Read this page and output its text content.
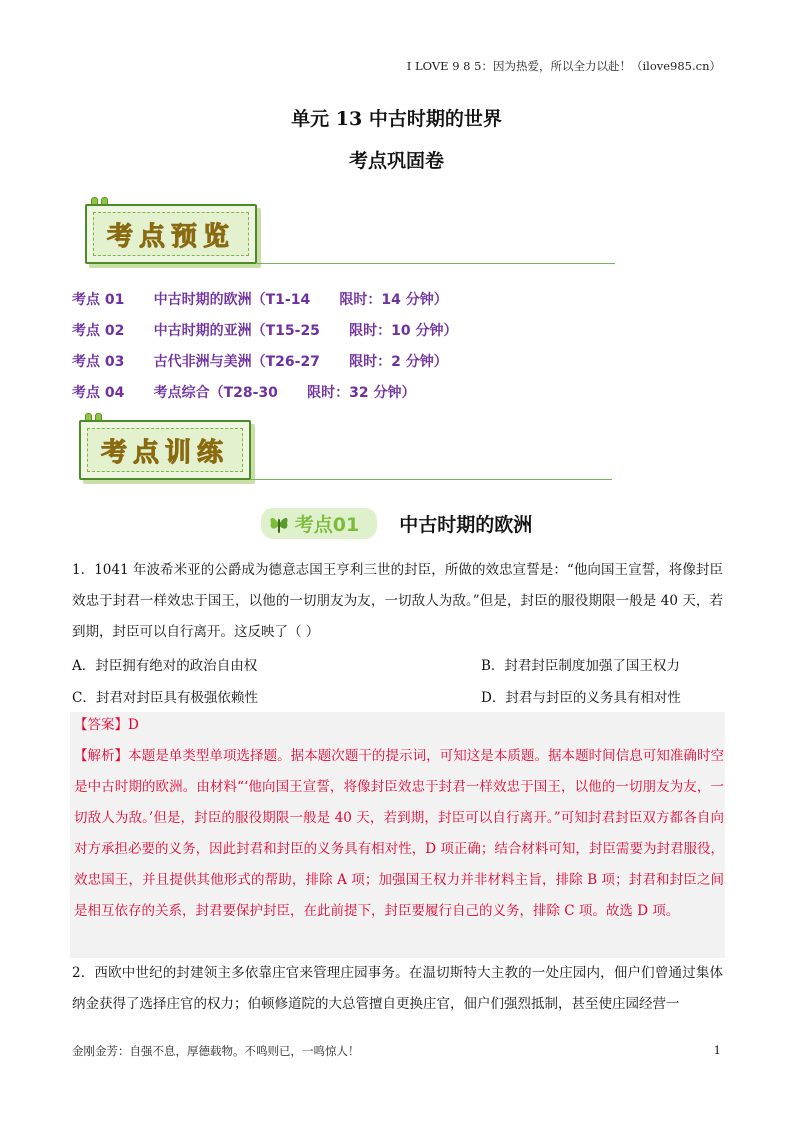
I LOVE 9 8 5：因为热爱，所以全力以赴！（ilove985.cn）
单元 13 中古时期的世界
考点巩固卷
考点预览
考点 01      中古时期的欧洲（T1-14      限时：14 分钟）
考点 02      中古时期的亚洲（T15-25      限时：10 分钟）
考点 03      古代非洲与美洲（T26-27      限时：2 分钟）
考点 04      考点综合（T28-30      限时：32 分钟）
考点训练
考点01 中古时期的欧洲
1．1041 年波希米亚的公爵成为德意志国王亨利三世的封臣，所做的效忠宣誓是：“他向国王宣誓，将像封臣效忠于封君一样效忠于国王，以他的一切朋友为友，一切敌人为敌。”但是，封臣的服役期限一般是 40 天，若到期，封臣可以自行离开。这反映了（ ）
A．封臣拥有绝对的政治自由权	B．封君封臣制度加强了国王权力
C．封君对封臣具有极强依赖性	D．封君与封臣的义务具有相对性
【答案】D
【解析】本题是单类型单项选择题。据本题次题干的提示词，可知这是本质题。据本题时间信息可知准确时空是中古时期的欧洲。由材料“‘他向国王宣誓，将像封臣效忠于封君一样效忠于国王，以他的一切朋友为友，一切敌人为敌。’但是，封臣的服役期限一般是 40 天，若到期，封臣可以自行离开。”可知封君封臣双方都各自向对方承担必要的义务，因此封君和封臣的义务具有相对性，D 项正确；结合材料可知，封臣需要为封君服役，效忠国王，并且提供其他形式的帮助，排除 A 项；加强国王权力并非材料主旨，排除 B 项；封君和封臣之间是相互依存的关系，封君要保护封臣，在此前提下，封臣要履行自己的义务，排除 C 项。故选 D 项。
2．西欧中世纪的封建领主多依靠庄官来管理庄园事务。在温切斯特大主教的一处庄园内，佃户们曾通过集体纳金获得了选择庄官的权力；伯顿修道院的大总管擅自更换庄官，佃户们强烈抵制，甚至使庄园经营一
金刚金芳：自强不息，厚德载物。不鸣则已，一鸣惊人！	1
